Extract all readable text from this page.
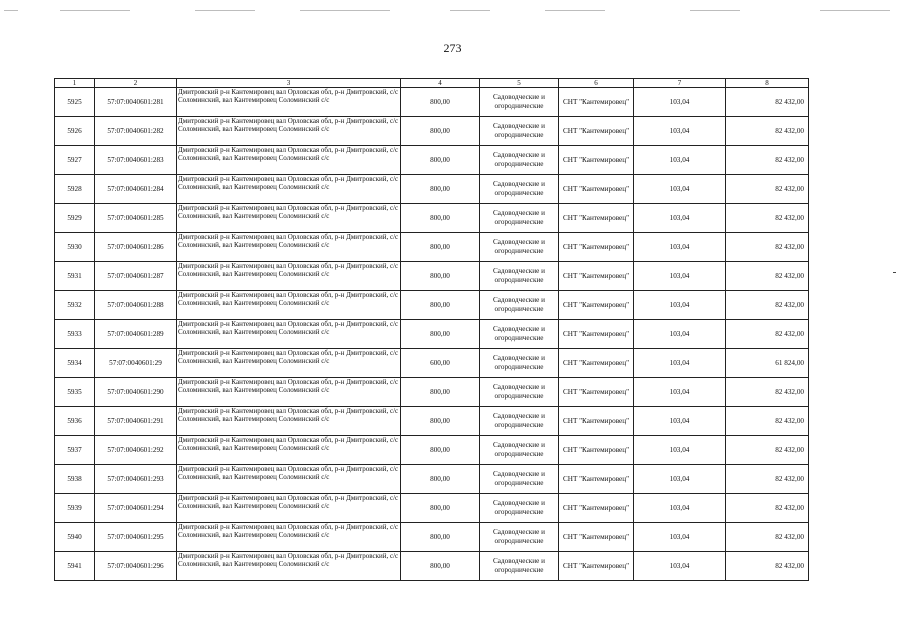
273
1	2	3	4	5	6	7	8
5925	57:07:0040601:281	Дмитровский р-н Кантемировец вал Орловская обл, р-н Дмитровский, с/с Соломинский, вал Кантемировец Соломинский с/с	800,00	Садоводческие и огороднические	СНТ "Кантемировец"	103,04	82 432,00
5926	57:07:0040601:282	Дмитровский р-н Кантемировец вал Орловская обл, р-н Дмитровский, с/с Соломинский, вал Кантемировец Соломинский с/с	800,00	Садоводческие и огороднические	СНТ "Кантемировец"	103,04	82 432,00
5927	57:07:0040601:283	Дмитровский р-н Кантемировец вал Орловская обл, р-н Дмитровский, с/с Соломинский, вал Кантемировец Соломинский с/с	800,00	Садоводческие и огороднические	СНТ "Кантемировец"	103,04	82 432,00
5928	57:07:0040601:284	Дмитровский р-н Кантемировец вал Орловская обл, р-н Дмитровский, с/с Соломинский, вал Кантемировец Соломинский с/с	800,00	Садоводческие и огороднические	СНТ "Кантемировец"	103,04	82 432,00
5929	57:07:0040601:285	Дмитровский р-н Кантемировец вал Орловская обл, р-н Дмитровский, с/с Соломинский, вал Кантемировец Соломинский с/с	800,00	Садоводческие и огороднические	СНТ "Кантемировец"	103,04	82 432,00
5930	57:07:0040601:286	Дмитровский р-н Кантемировец вал Орловская обл, р-н Дмитровский, с/с Соломинский, вал Кантемировец Соломинский с/с	800,00	Садоводческие и огороднические	СНТ "Кантемировец"	103,04	82 432,00
5931	57:07:0040601:287	Дмитровский р-н Кантемировец вал Орловская обл, р-н Дмитровский, с/с Соломинский, вал Кантемировец Соломинский с/с	800,00	Садоводческие и огороднические	СНТ "Кантемировец"	103,04	82 432,00
5932	57:07:0040601:288	Дмитровский р-н Кантемировец вал Орловская обл, р-н Дмитровский, с/с Соломинский, вал Кантемировец Соломинский с/с	800,00	Садоводческие и огороднические	СНТ "Кантемировец"	103,04	82 432,00
5933	57:07:0040601:289	Дмитровский р-н Кантемировец вал Орловская обл, р-н Дмитровский, с/с Соломинский, вал Кантемировец Соломинский с/с	800,00	Садоводческие и огороднические	СНТ "Кантемировец"	103,04	82 432,00
5934	57:07:0040601:29	Дмитровский р-н Кантемировец вал Орловская обл, р-н Дмитровский, с/с Соломинский, вал Кантемировец Соломинский с/с	600,00	Садоводческие и огороднические	СНТ "Кантемировец"	103,04	61 824,00
5935	57:07:0040601:290	Дмитровский р-н Кантемировец вал Орловская обл, р-н Дмитровский, с/с Соломинский, вал Кантемировец Соломинский с/с	800,00	Садоводческие и огороднические	СНТ "Кантемировец"	103,04	82 432,00
5936	57:07:0040601:291	Дмитровский р-н Кантемировец вал Орловская обл, р-н Дмитровский, с/с Соломинский, вал Кантемировец Соломинский с/с	800,00	Садоводческие и огороднические	СНТ "Кантемировец"	103,04	82 432,00
5937	57:07:0040601:292	Дмитровский р-н Кантемировец вал Орловская обл, р-н Дмитровский, с/с Соломинский, вал Кантемировец Соломинский с/с	800,00	Садоводческие и огороднические	СНТ "Кантемировец"	103,04	82 432,00
5938	57:07:0040601:293	Дмитровский р-н Кантемировец вал Орловская обл, р-н Дмитровский, с/с Соломинский, вал Кантемировец Соломинский с/с	800,00	Садоводческие и огороднические	СНТ "Кантемировец"	103,04	82 432,00
5939	57:07:0040601:294	Дмитровский р-н Кантемировец вал Орловская обл, р-н Дмитровский, с/с Соломинский, вал Кантемировец Соломинский с/с	800,00	Садоводческие и огороднические	СНТ "Кантемировец"	103,04	82 432,00
5940	57:07:0040601:295	Дмитровский р-н Кантемировец вал Орловская обл, р-н Дмитровский, с/с Соломинский, вал Кантемировец Соломинский с/с	800,00	Садоводческие и огороднические	СНТ "Кантемировец"	103,04	82 432,00
5941	57:07:0040601:296	Дмитровский р-н Кантемировец вал Орловская обл, р-н Дмитровский, с/с Соломинский, вал Кантемировец Соломинский с/с	800,00	Садоводческие и огороднические	СНТ "Кантемировец"	103,04	82 432,00
